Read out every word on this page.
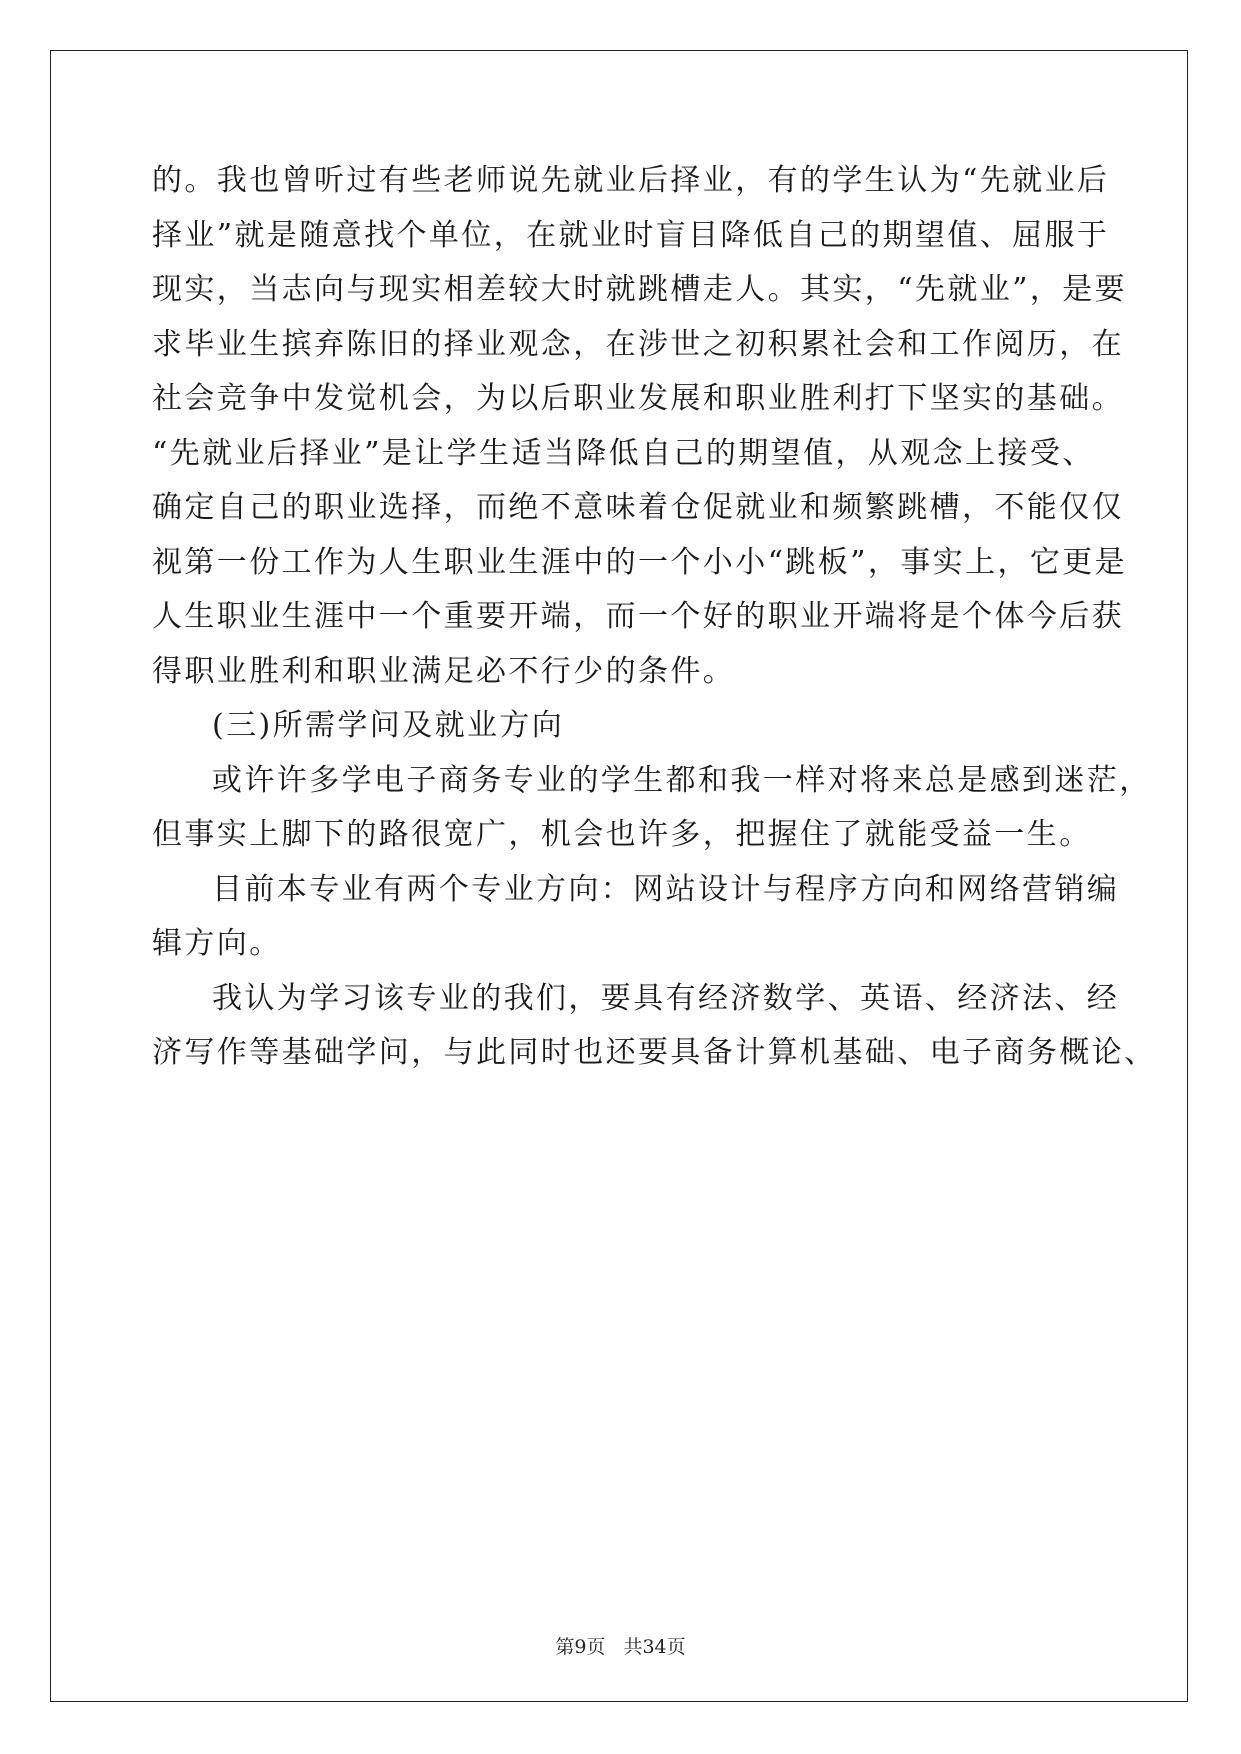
的。我也曾听过有些老师说先就业后择业，有的学生认为“先就业后
择业”就是随意找个单位，在就业时盲目降低自己的期望值、屈服于
现实，当志向与现实相差较大时就跳槽走人。其实，“先就业”，是要
求毕业生摈弃陈旧的择业观念，在涉世之初积累社会和工作阅历，在
社会竞争中发觉机会，为以后职业发展和职业胜利打下坚实的基础。
“先就业后择业”是让学生适当降低自己的期望值，从观念上接受、
确定自己的职业选择，而绝不意味着仓促就业和频繁跳槽，不能仅仅
视第一份工作为人生职业生涯中的一个小小“跳板”，事实上，它更是
人生职业生涯中一个重要开端，而一个好的职业开端将是个体今后获
得职业胜利和职业满足必不行少的条件。
(三)所需学问及就业方向
或许许多学电子商务专业的学生都和我一样对将来总是感到迷茫，
但事实上脚下的路很宽广，机会也许多，把握住了就能受益一生。
目前本专业有两个专业方向：网站设计与程序方向和网络营销编
辑方向。
我认为学习该专业的我们，要具有经济数学、英语、经济法、经
济写作等基础学问，与此同时也还要具备计算机基础、电子商务概论、
第9页 共34页
